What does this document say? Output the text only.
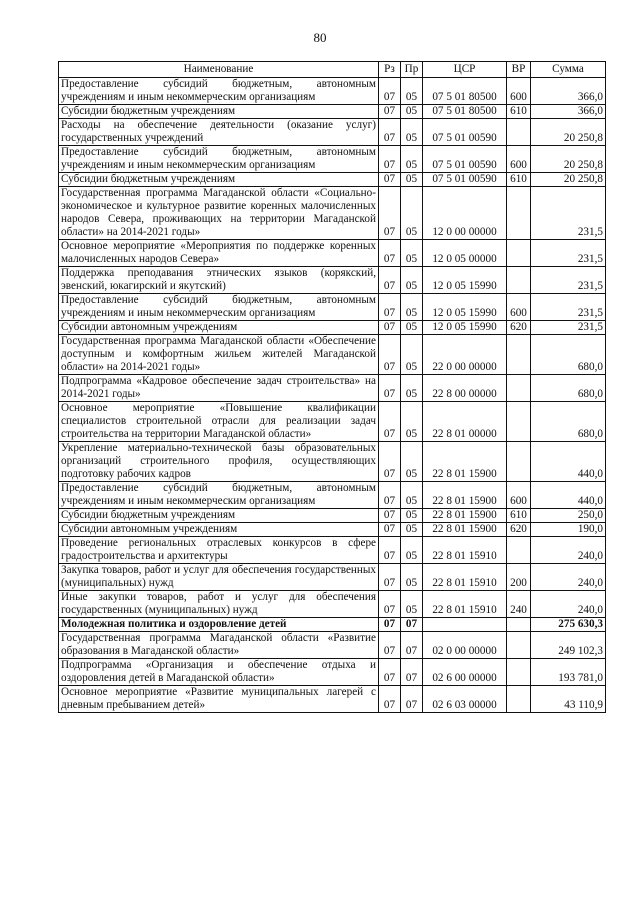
80
Наименование	Рз	Пр	ЦСР	ВР	Сумма
Предоставление субсидий бюджетным, автономным учреждениям и иным некоммерческим организациям	07	05	07 5 01 80500	600	366,0
Субсидии бюджетным учреждениям	07	05	07 5 01 80500	610	366,0
Расходы на обеспечение деятельности (оказание услуг) государственных учреждений	07	05	07 5 01 00590		20 250,8
Предоставление субсидий бюджетным, автономным учреждениям и иным некоммерческим организациям	07	05	07 5 01 00590	600	20 250,8
Субсидии бюджетным учреждениям	07	05	07 5 01 00590	610	20 250,8
Государственная программа Магаданской области «Социально-экономическое и культурное развитие коренных малочисленных народов Севера, проживающих на территории Магаданской области» на 2014-2021 годы»	07	05	12 0 00 00000		231,5
Основное мероприятие «Мероприятия по поддержке коренных малочисленных народов Севера»	07	05	12 0 05 00000		231,5
Поддержка преподавания этнических языков (корякский, эвенский, юкагирский и якутский)	07	05	12 0 05 15990		231,5
Предоставление субсидий бюджетным, автономным учреждениям и иным некоммерческим организациям	07	05	12 0 05 15990	600	231,5
Субсидии автономным учреждениям	07	05	12 0 05 15990	620	231,5
Государственная программа Магаданской области «Обеспечение доступным и комфортным жильем жителей Магаданской области» на 2014-2021 годы»	07	05	22 0 00 00000		680,0
Подпрограмма «Кадровое обеспечение задач строительства» на 2014-2021 годы»	07	05	22 8 00 00000		680,0
Основное мероприятие «Повышение квалификации специалистов строительной отрасли для реализации задач строительства на территории Магаданской области»	07	05	22 8 01 00000		680,0
Укрепление материально-технической базы образовательных организаций строительного профиля, осуществляющих подготовку рабочих кадров	07	05	22 8 01 15900		440,0
Предоставление субсидий бюджетным, автономным учреждениям и иным некоммерческим организациям	07	05	22 8 01 15900	600	440,0
Субсидии бюджетным учреждениям	07	05	22 8 01 15900	610	250,0
Субсидии автономным учреждениям	07	05	22 8 01 15900	620	190,0
Проведение региональных отраслевых конкурсов в сфере градостроительства и архитектуры	07	05	22 8 01 15910		240,0
Закупка товаров, работ и услуг для обеспечения государственных (муниципальных) нужд	07	05	22 8 01 15910	200	240,0
Иные закупки товаров, работ и услуг для обеспечения государственных (муниципальных) нужд	07	05	22 8 01 15910	240	240,0
Молодежная политика и оздоровление детей	07	07			275 630,3
Государственная программа Магаданской области «Развитие образования в Магаданской области»	07	07	02 0 00 00000		249 102,3
Подпрограмма «Организация и обеспечение отдыха и оздоровления детей в Магаданской области»	07	07	02 6 00 00000		193 781,0
Основное мероприятие «Развитие муниципальных лагерей с дневным пребыванием детей»	07	07	02 6 03 00000		43 110,9
